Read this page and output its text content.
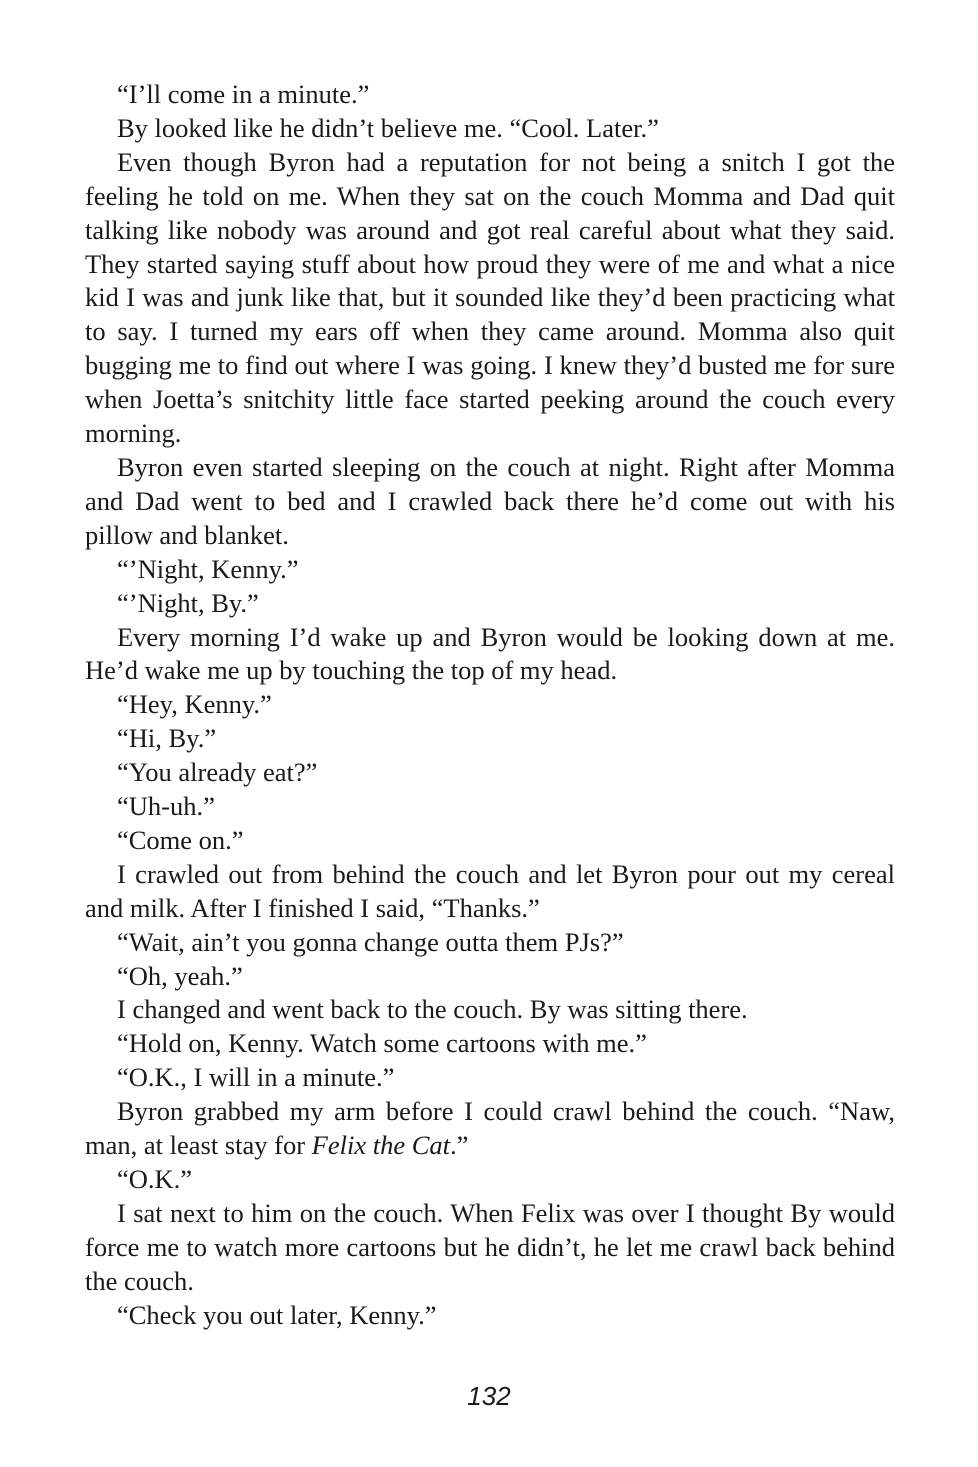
“I’ll come in a minute.”

By looked like he didn’t believe me. “Cool. Later.”

Even though Byron had a reputation for not being a snitch I got the feeling he told on me. When they sat on the couch Momma and Dad quit talking like nobody was around and got real careful about what they said. They started saying stuff about how proud they were of me and what a nice kid I was and junk like that, but it sounded like they’d been practicing what to say. I turned my ears off when they came around. Momma also quit bugging me to find out where I was going. I knew they’d busted me for sure when Joetta’s snitchity little face started peeking around the couch every morning.

Byron even started sleeping on the couch at night. Right after Momma and Dad went to bed and I crawled back there he’d come out with his pillow and blanket.

“’Night, Kenny.”

“’Night, By.”

Every morning I’d wake up and Byron would be looking down at me. He’d wake me up by touching the top of my head.

“Hey, Kenny.”

“Hi, By.”

“You already eat?”

“Uh-uh.”

“Come on.”

I crawled out from behind the couch and let Byron pour out my cereal and milk. After I finished I said, “Thanks.”

“Wait, ain’t you gonna change outta them PJs?”

“Oh, yeah.”

I changed and went back to the couch. By was sitting there.

“Hold on, Kenny. Watch some cartoons with me.”

“O.K., I will in a minute.”

Byron grabbed my arm before I could crawl behind the couch. “Naw, man, at least stay for Felix the Cat.”

“O.K.”

I sat next to him on the couch. When Felix was over I thought By would force me to watch more cartoons but he didn’t, he let me crawl back behind the couch.

“Check you out later, Kenny.”

132
